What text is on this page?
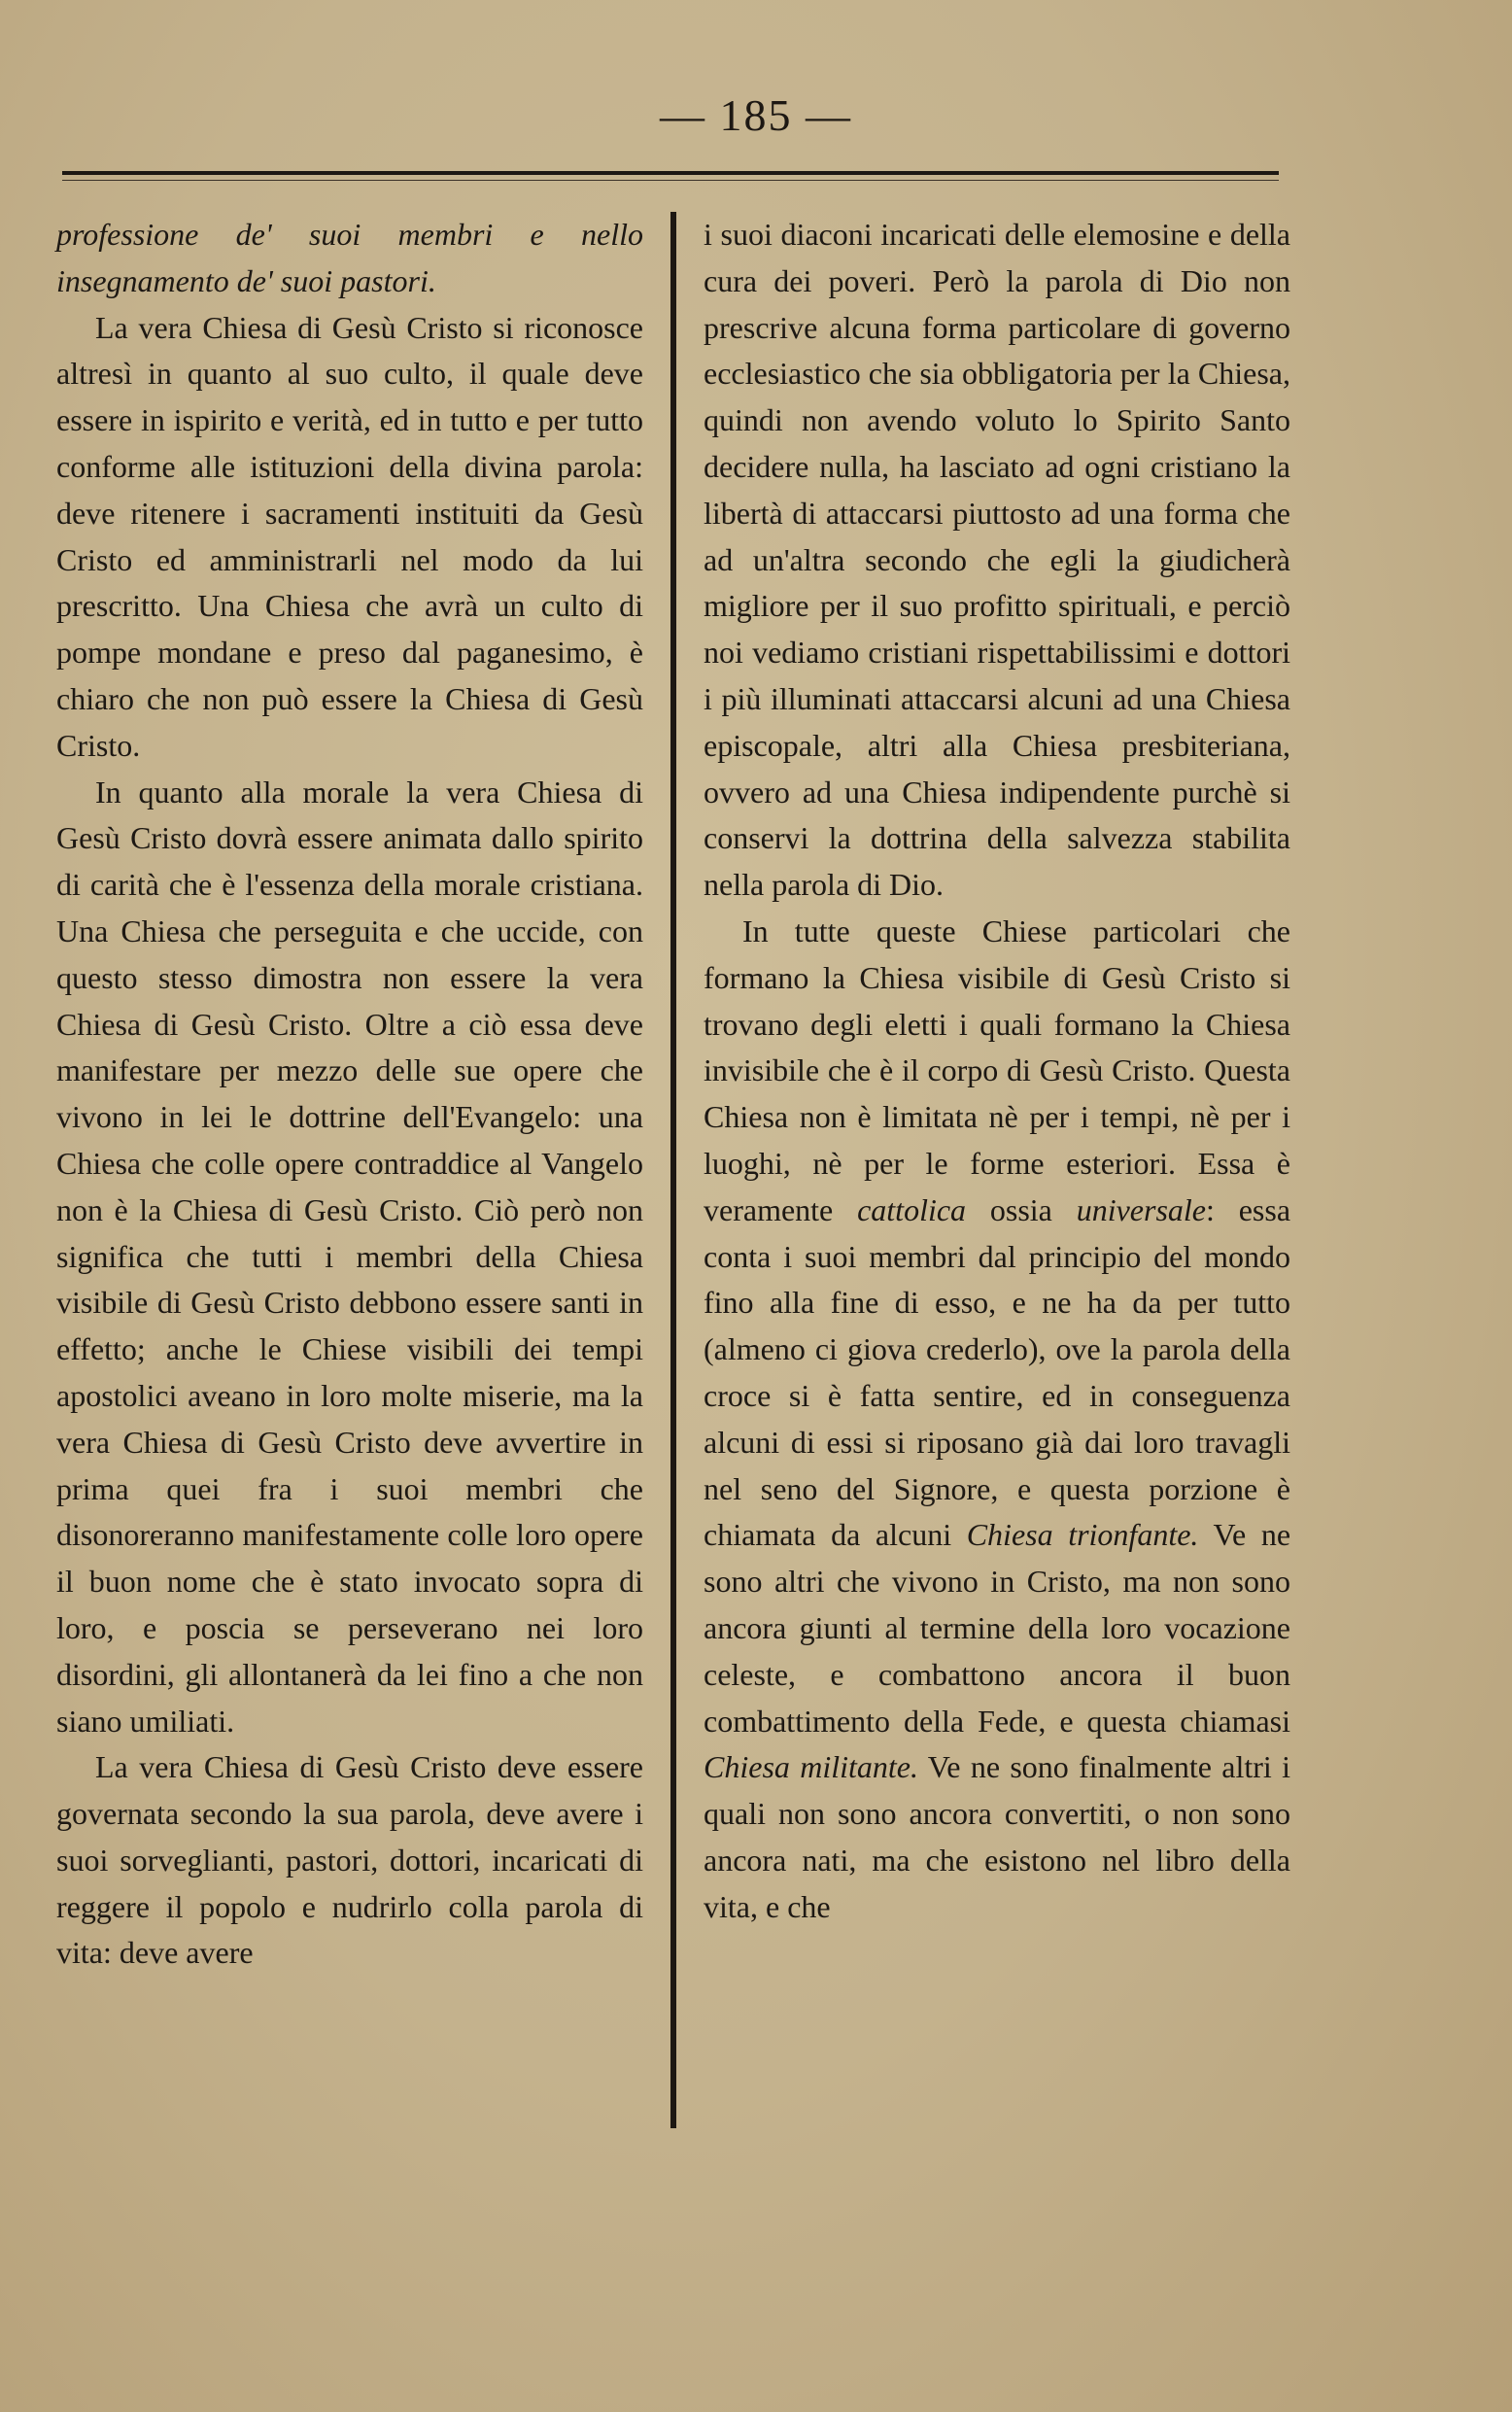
— 185 —

professione de' suoi membri e nello insegnamento de' suoi pastori.

La vera Chiesa di Gesù Cristo si riconosce altresì in quanto al suo culto, il quale deve essere in ispirito e verità, ed in tutto e per tutto conforme alle istituzioni della divina parola: deve ritenere i sacramenti instituiti da Gesù Cristo ed amministrarli nel modo da lui prescritto. Una Chiesa che avrà un culto di pompe mondane e preso dal paganesimo, è chiaro che non può essere la Chiesa di Gesù Cristo.

In quanto alla morale la vera Chiesa di Gesù Cristo dovrà essere animata dallo spirito di carità che è l'essenza della morale cristiana. Una Chiesa che perseguita e che uccide, con questo stesso dimostra non essere la vera Chiesa di Gesù Cristo. Oltre a ciò essa deve manifestare per mezzo delle sue opere che vivono in lei le dottrine dell'Evangelo: una Chiesa che colle opere contraddice al Vangelo non è la Chiesa di Gesù Cristo. Ciò però non significa che tutti i membri della Chiesa visibile di Gesù Cristo debbono essere santi in effetto; anche le Chiese visibili dei tempi apostolici aveano in loro molte miserie, ma la vera Chiesa di Gesù Cristo deve avvertire in prima quei fra i suoi membri che disonoreranno manifestamente colle loro opere il buon nome che è stato invocato sopra di loro, e poscia se perseverano nei loro disordini, gli allontanerà da lei fino a che non siano umiliati.

La vera Chiesa di Gesù Cristo deve essere governata secondo la sua parola, deve avere i suoi sorveglianti, pastori, dottori, incaricati di reggere il popolo e nudrirlo colla parola di vita: deve avere

i suoi diaconi incaricati delle elemosine e della cura dei poveri. Però la parola di Dio non prescrive alcuna forma particolare di governo ecclesiastico che sia obbligatoria per la Chiesa, quindi non avendo voluto lo Spirito Santo decidere nulla, ha lasciato ad ogni cristiano la libertà di attaccarsi piuttosto ad una forma che ad un'altra secondo che egli la giudicherà migliore per il suo profitto spirituali, e perciò noi vediamo cristiani rispettabilissimi e dottori i più illuminati attaccarsi alcuni ad una Chiesa episcopale, altri alla Chiesa presbiteriana, ovvero ad una Chiesa indipendente purchè si conservi la dottrina della salvezza stabilita nella parola di Dio.

In tutte queste Chiese particolari che formano la Chiesa visibile di Gesù Cristo si trovano degli eletti i quali formano la Chiesa invisibile che è il corpo di Gesù Cristo. Questa Chiesa non è limitata nè per i tempi, nè per i luoghi, nè per le forme esteriori. Essa è veramente cattolica ossia universale: essa conta i suoi membri dal principio del mondo fino alla fine di esso, e ne ha da per tutto (almeno ci giova crederlo), ove la parola della croce si è fatta sentire, ed in conseguenza alcuni di essi si riposano già dai loro travagli nel seno del Signore, e questa porzione è chiamata da alcuni Chiesa trionfante. Ve ne sono altri che vivono in Cristo, ma non sono ancora giunti al termine della loro vocazione celeste, e combattono ancora il buon combattimento della Fede, e questa chiamasi Chiesa militante. Ve ne sono finalmente altri i quali non sono ancora convertiti, o non sono ancora nati, ma che esistono nel libro della vita, e che
